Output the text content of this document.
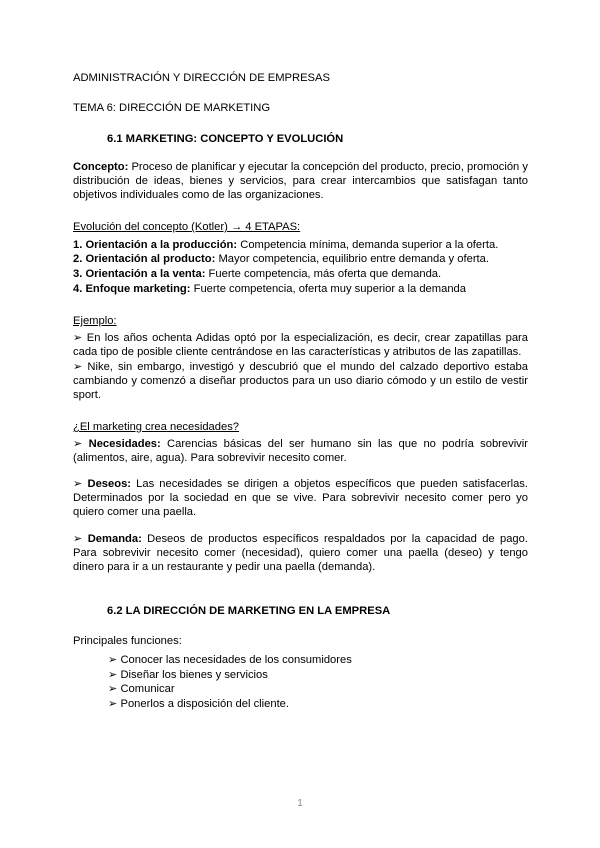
ADMINISTRACIÓN Y DIRECCIÓN DE EMPRESAS
TEMA 6: DIRECCIÓN DE MARKETING
6.1 MARKETING: CONCEPTO Y EVOLUCIÓN
Concepto: Proceso de planificar y ejecutar la concepción del producto, precio, promoción y distribución de ideas, bienes y servicios, para crear intercambios que satisfagan tanto objetivos individuales como de las organizaciones.
Evolución del concepto (Kotler) → 4 ETAPAS:
1. Orientación a la producción: Competencia mínima, demanda superior a la oferta.
2. Orientación al producto: Mayor competencia, equilibrio entre demanda y oferta.
3. Orientación a la venta: Fuerte competencia, más oferta que demanda.
4. Enfoque marketing: Fuerte competencia, oferta muy superior a la demanda
Ejemplo:
➢ En los años ochenta Adidas optó por la especialización, es decir, crear zapatillas para cada tipo de posible cliente centrándose en las características y atributos de las zapatillas.
➢ Nike, sin embargo, investigó y descubrió que el mundo del calzado deportivo estaba cambiando y comenzó a diseñar productos para un uso diario cómodo y un estilo de vestir sport.
¿El marketing crea necesidades?
➢ Necesidades: Carencias básicas del ser humano sin las que no podría sobrevivir (alimentos, aire, agua). Para sobrevivir necesito comer.
➢ Deseos: Las necesidades se dirigen a objetos específicos que pueden satisfacerlas. Determinados por la sociedad en que se vive. Para sobrevivir necesito comer pero yo quiero comer una paella.
➢ Demanda: Deseos de productos específicos respaldados por la capacidad de pago. Para sobrevivir necesito comer (necesidad), quiero comer una paella (deseo) y tengo dinero para ir a un restaurante y pedir una paella (demanda).
6.2 LA DIRECCIÓN DE MARKETING EN LA EMPRESA
Principales funciones:
➢ Conocer las necesidades de los consumidores
➢ Diseñar los bienes y servicios
➢ Comunicar
➢ Ponerlos a disposición del cliente.
1
